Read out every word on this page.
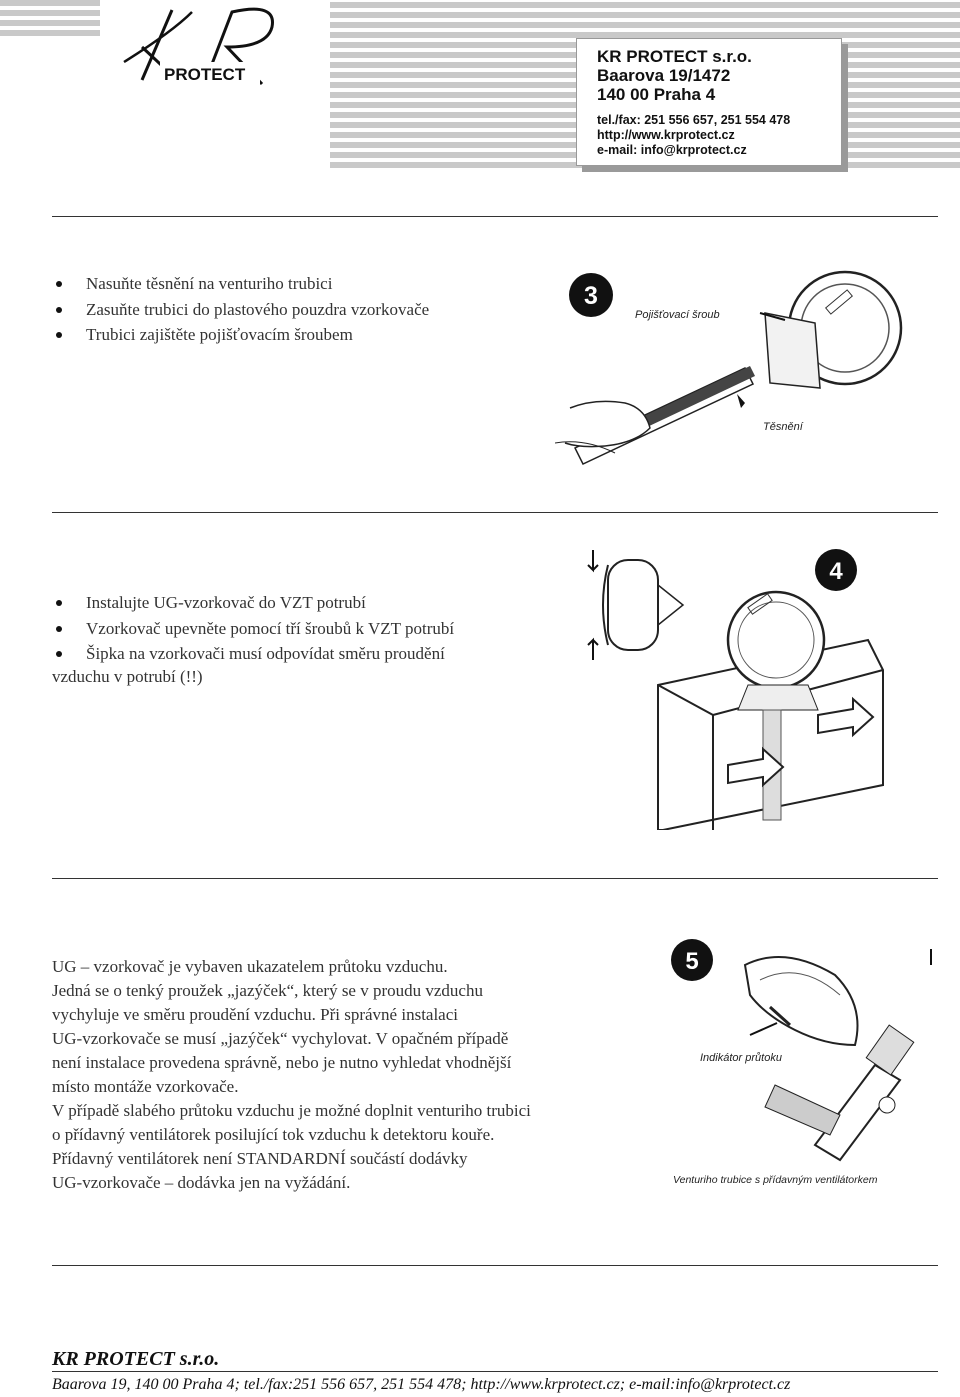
PROTECT
KR PROTECT s.r.o.
Baarova 19/1472
140 00 Praha 4
tel./fax: 251 556 657, 251 554 478
http://www.krprotect.cz
e-mail: info@krprotect.cz
Nasuňte těsnění na venturiho trubici
Zasuňte trubici do plastového pouzdra vzorkovače
Trubici zajištěte pojišťovacím šroubem
3
Pojišťovací šroub
Těsnění
Instalujte UG-vzorkovač do VZT potrubí
Vzorkovač upevněte pomocí tří šroubů k VZT potrubí
Šipka na vzorkovači musí odpovídat směru proudění
vzduchu v potrubí (!!)
4
UG – vzorkovač je vybaven ukazatelem průtoku vzduchu.
Jedná se o tenký proužek „jazýček“, který se v proudu vzduchu
vychyluje ve směru proudění vzduchu. Při správné instalaci
UG-vzorkovače se musí „jazýček“ vychylovat. V opačném případě
není instalace provedena správně, nebo je nutno vyhledat vhodnější
místo montáže vzorkovače.
V případě slabého průtoku vzduchu je možné doplnit venturiho trubici
o přídavný ventilátorek posilující tok vzduchu k detektoru kouře.
Přídavný ventilátorek není STANDARDNÍ součástí dodávky
UG-vzorkovače – dodávka jen na vyžádání.
5
Indikátor průtoku
Venturiho trubice s přídavným ventilátorkem
KR PROTECT s.r.o.
Baarova 19, 140 00 Praha 4; tel./fax:251 556 657, 251 554 478; http://www.krprotect.cz; e-mail:info@krprotect.cz
